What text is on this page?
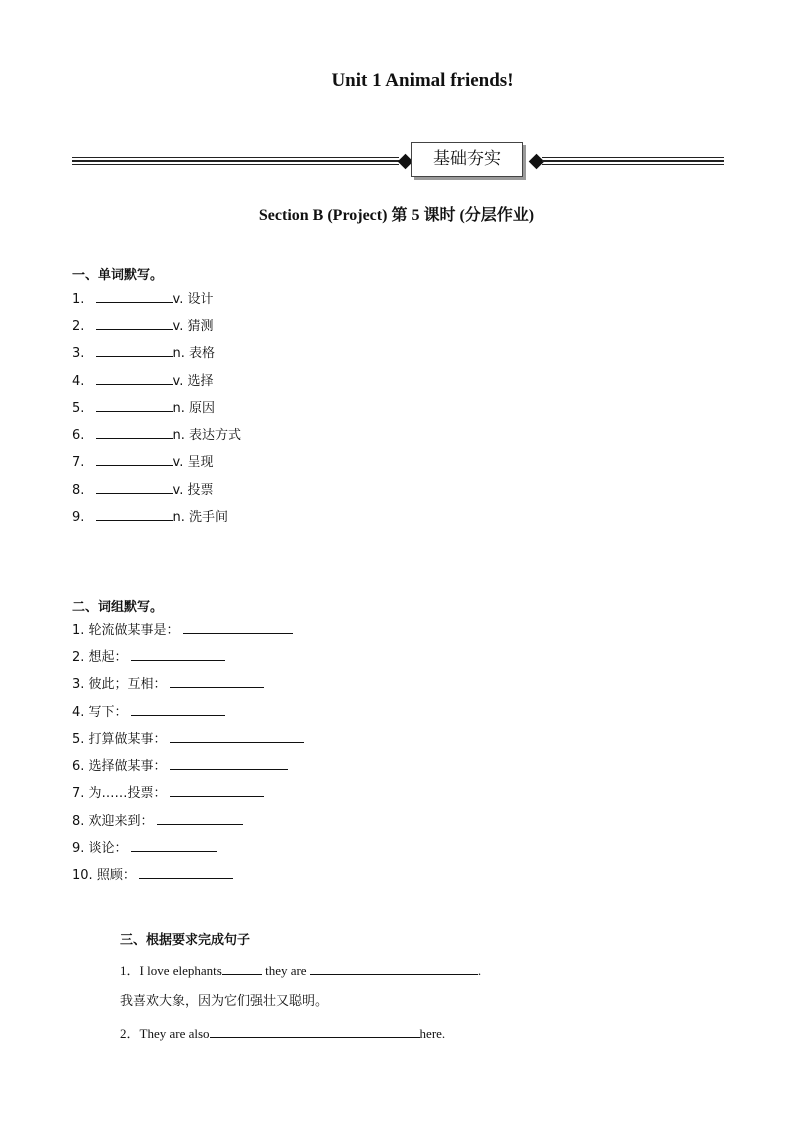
Unit 1 Animal friends!
基础夯实
Section B (Project) 第 5 课时 (分层作业)
一、单词默写。
1.	v. 设计
2.	v. 猜测
3.	n. 表格
4.	v. 选择
5.	n. 原因
6.	n. 表达方式
7.	v. 呈现
8.	v. 投票
9.	n. 洗手间
二、词组默写。
1. 轮流做某事是：
2. 想起：
3. 彼此；互相：
4. 写下：
5. 打算做某事：
6. 选择做某事：
7. 为……投票：
8. 欢迎来到：
9. 谈论：
10. 照顾：
三、根据要求完成句子
1．I love elephants	they are	.
我喜欢大象，因为它们强壮又聪明。
2．They are also	here.
